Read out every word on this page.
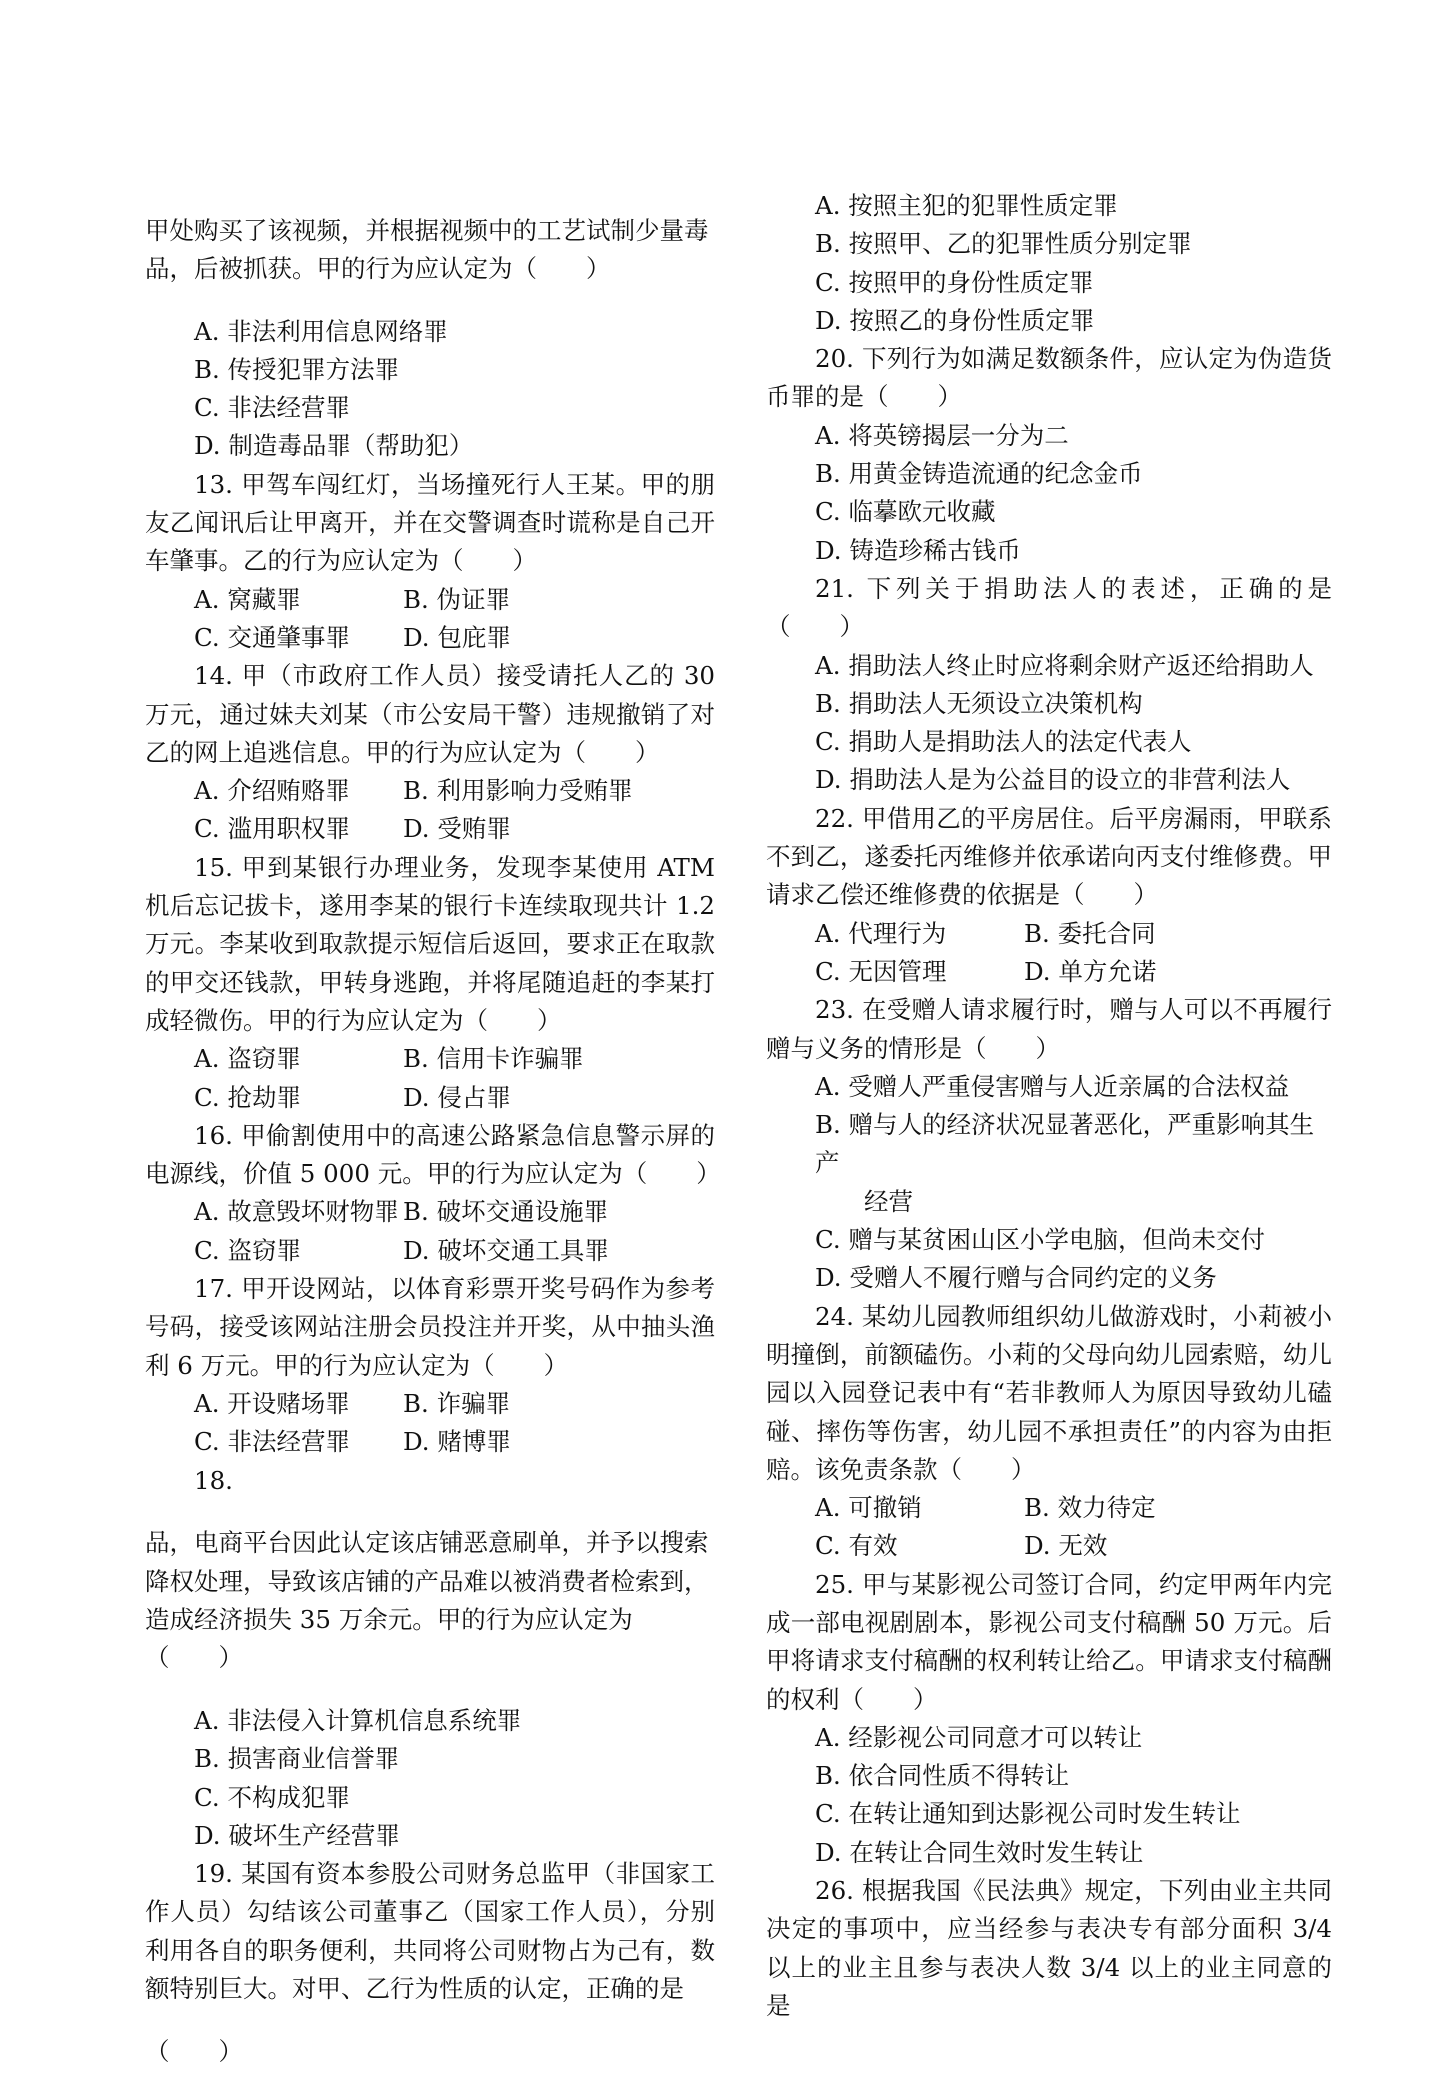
甲处购买了该视频，并根据视频中的工艺试制少量毒品，后被抓获。甲的行为应认定为（　　）

A. 非法利用信息网络罪

B. 传授犯罪方法罪

C. 非法经营罪

D. 制造毒品罪（帮助犯）

13. 甲驾车闯红灯，当场撞死行人王某。甲的朋友乙闻讯后让甲离开，并在交警调查时谎称是自己开车肇事。乙的行为应认定为（　　）

A. 窝藏罪	B. 伪证罪
C. 交通肇事罪	D. 包庇罪

14. 甲（市政府工作人员）接受请托人乙的 30 万元，通过妹夫刘某（市公安局干警）违规撤销了对乙的网上追逃信息。甲的行为应认定为（　　）

A. 介绍贿赂罪	B. 利用影响力受贿罪
C. 滥用职权罪	D. 受贿罪

15. 甲到某银行办理业务，发现李某使用 ATM 机后忘记拔卡，遂用李某的银行卡连续取现共计 1.2 万元。李某收到取款提示短信后返回，要求正在取款的甲交还钱款，甲转身逃跑，并将尾随追赶的李某打成轻微伤。甲的行为应认定为（　　）

A. 盗窃罪	B. 信用卡诈骗罪
C. 抢劫罪	D. 侵占罪

16. 甲偷割使用中的高速公路紧急信息警示屏的电源线，价值 5 000 元。甲的行为应认定为（　　）

A. 故意毁坏财物罪 B. 破坏交通设施罪
C. 盗窃罪	D. 破坏交通工具罪

17. 甲开设网站，以体育彩票开奖号码作为参考号码，接受该网站注册会员投注并开奖，从中抽头渔利 6 万元。甲的行为应认定为（　　）

A. 开设赌场罪	B. 诈骗罪
C. 非法经营罪	D. 赌博罪

18.

品，电商平台因此认定该店铺恶意刷单，并予以搜索降权处理，导致该店铺的产品难以被消费者检索到，造成经济损失 35 万余元。甲的行为应认定为（　　）

A. 非法侵入计算机信息系统罪

B. 损害商业信誉罪

C. 不构成犯罪

D. 破坏生产经营罪

19. 某国有资本参股公司财务总监甲（非国家工作人员）勾结该公司董事乙（国家工作人员），分别利用各自的职务便利，共同将公司财物占为己有，数额特别巨大。对甲、乙行为性质的认定，正确的是

（　　）

A. 按照主犯的犯罪性质定罪

B. 按照甲、乙的犯罪性质分别定罪

C. 按照甲的身份性质定罪

D. 按照乙的身份性质定罪

20. 下列行为如满足数额条件，应认定为伪造货币罪的是（　　）

A. 将英镑揭层一分为二

B. 用黄金铸造流通的纪念金币

C. 临摹欧元收藏

D. 铸造珍稀古钱币

21. 下列关于捐助法人的表述，正确的是（　　）

A. 捐助法人终止时应将剩余财产返还给捐助人

B. 捐助法人无须设立决策机构

C. 捐助人是捐助法人的法定代表人

D. 捐助法人是为公益目的设立的非营利法人

22. 甲借用乙的平房居住。后平房漏雨，甲联系不到乙，遂委托丙维修并依承诺向丙支付维修费。甲请求乙偿还维修费的依据是（　　）

A. 代理行为	B. 委托合同
C. 无因管理	D. 单方允诺

23. 在受赠人请求履行时，赠与人可以不再履行赠与义务的情形是（　　）

A. 受赠人严重侵害赠与人近亲属的合法权益

B. 赠与人的经济状况显著恶化，严重影响其生产

经营

C. 赠与某贫困山区小学电脑，但尚未交付

D. 受赠人不履行赠与合同约定的义务

24. 某幼儿园教师组织幼儿做游戏时，小莉被小明撞倒，前额磕伤。小莉的父母向幼儿园索赔，幼儿园以入园登记表中有“若非教师人为原因导致幼儿磕碰、摔伤等伤害，幼儿园不承担责任”的内容为由拒赔。该免责条款（　　）

A. 可撤销	B. 效力待定
C. 有效	D. 无效

25. 甲与某影视公司签订合同，约定甲两年内完成一部电视剧剧本，影视公司支付稿酬 50 万元。后甲将请求支付稿酬的权利转让给乙。甲请求支付稿酬的权利（　　）

A. 经影视公司同意才可以转让

B. 依合同性质不得转让

C. 在转让通知到达影视公司时发生转让

D. 在转让合同生效时发生转让

26. 根据我国《民法典》规定，下列由业主共同决定的事项中，应当经参与表决专有部分面积 3/4 以上的业主且参与表决人数 3/4 以上的业主同意的是
